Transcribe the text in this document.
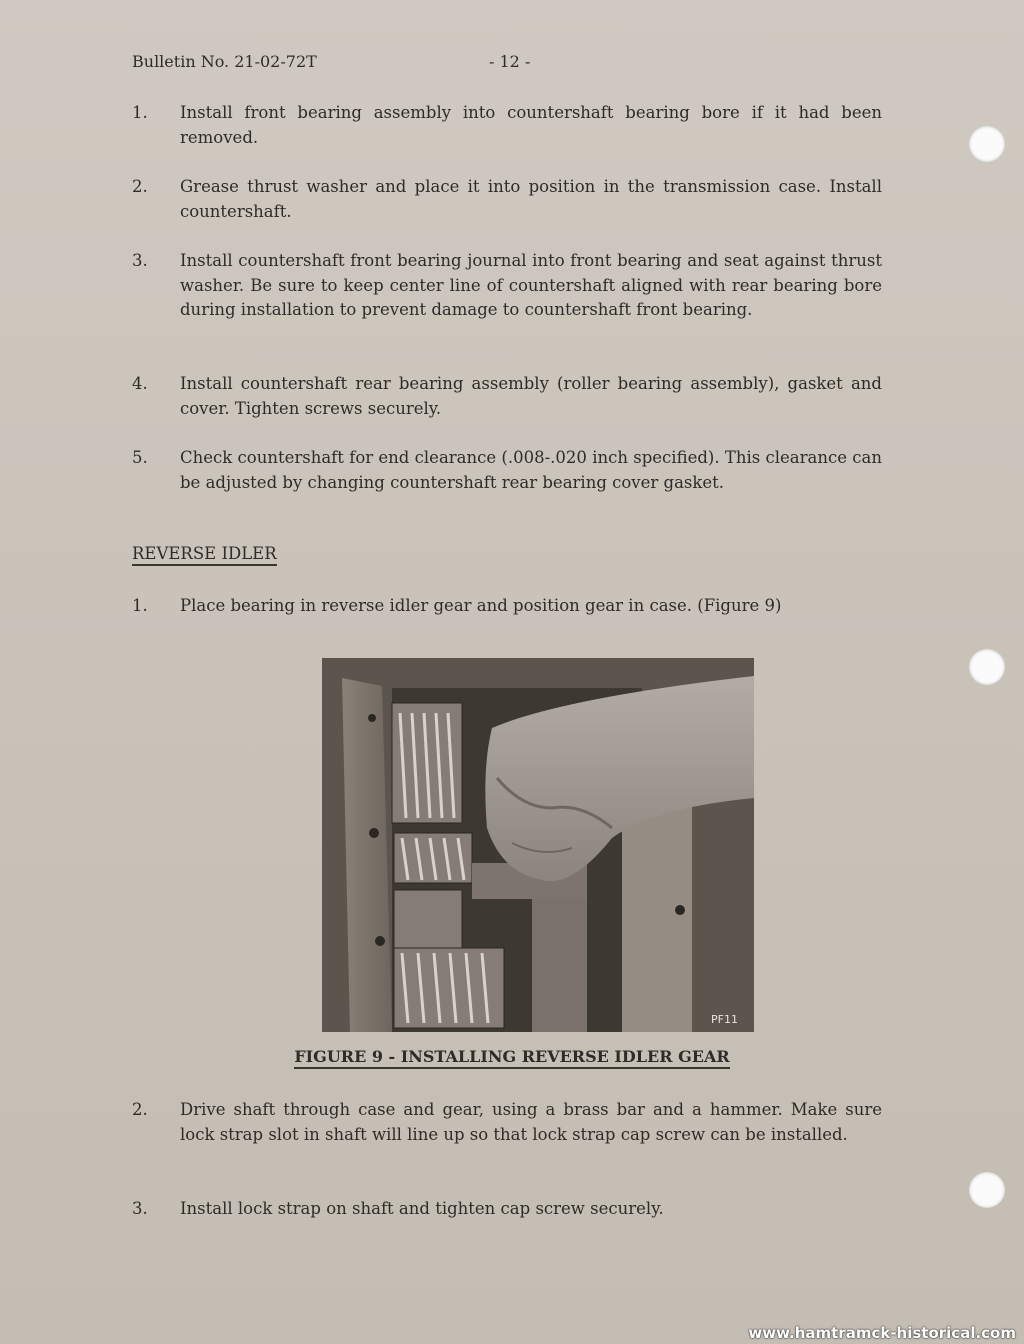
Bulletin No. 21-02-72T	- 12 -
1. Install front bearing assembly into countershaft bearing bore if it had been removed.
2. Grease thrust washer and place it into position in the transmission case. Install countershaft.
3. Install countershaft front bearing journal into front bearing and seat against thrust washer. Be sure to keep center line of countershaft aligned with rear bearing bore during installation to prevent damage to countershaft front bearing.
4. Install countershaft rear bearing assembly (roller bearing assembly), gasket and cover. Tighten screws securely.
5. Check countershaft for end clearance (.008-.020 inch specified). This clearance can be adjusted by changing countershaft rear bearing cover gasket.
REVERSE IDLER
1. Place bearing in reverse idler gear and position gear in case. (Figure 9)
PF11
FIGURE 9 - INSTALLING REVERSE IDLER GEAR
2. Drive shaft through case and gear, using a brass bar and a hammer. Make sure lock strap slot in shaft will line up so that lock strap cap screw can be installed.
3. Install lock strap on shaft and tighten cap screw securely.
www.hamtramck-historical.com
